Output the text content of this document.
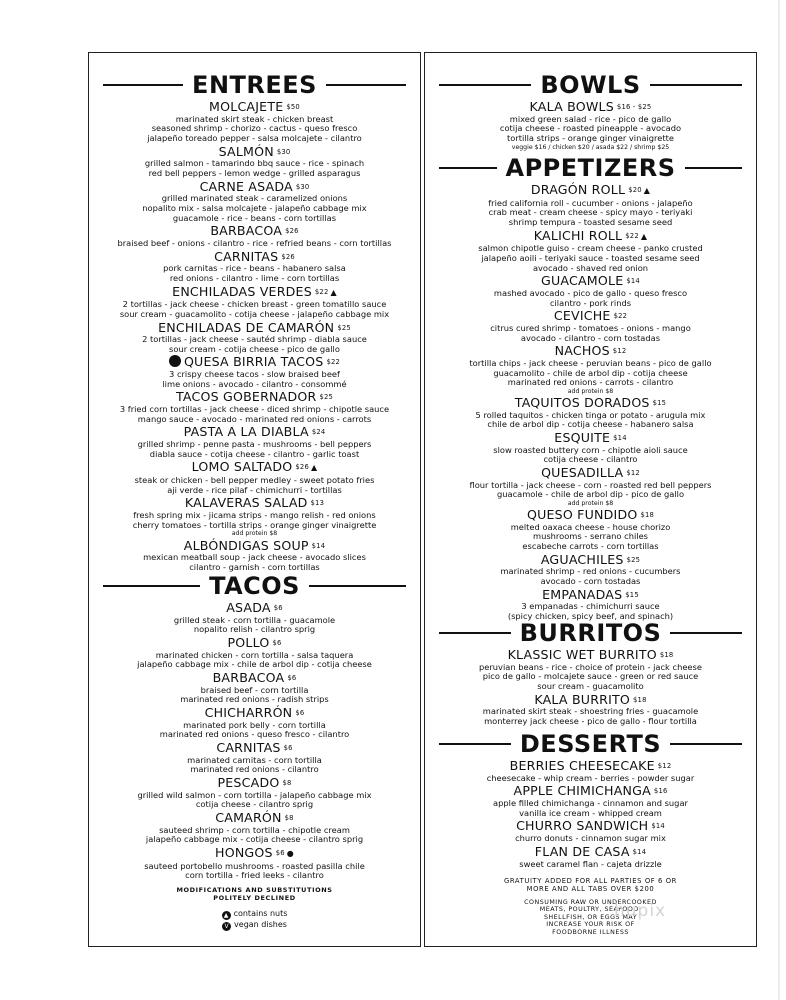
ENTREES
MOLCAJETE $50
marinated skirt steak - chicken breast
seasoned shrimp - chorizo - cactus - queso fresco
jalapeño toreado pepper - salsa molcajete - cilantro
SALMÓN $30
grilled salmon - tamarindo bbq sauce - rice - spinach
red bell peppers - lemon wedge - grilled asparagus
CARNE ASADA $30
grilled marinated steak - caramelized onions
nopalito mix - salsa molcajete - jalapeño cabbage mix
guacamole - rice - beans - corn tortillas
BARBACOA $26
braised beef - onions - cilantro - rice - refried beans - corn tortillas
CARNITAS $26
pork carnitas - rice - beans - habanero salsa
red onions - cilantro - lime - corn tortillas
ENCHILADAS VERDES $22 ▲
2 tortillas - jack cheese - chicken breast - green tomatillo sauce
sour cream - guacamolito - cotija cheese - jalapeño cabbage mix
ENCHILADAS DE CAMARÓN $25
2 tortillas - jack cheese - sautéd shrimp - diabla sauce
sour cream - cotija cheese - pico de gallo
QUESA BIRRIA TACOS $22
3 crispy cheese tacos - slow braised beef
lime onions - avocado - cilantro - consommé
TACOS GOBERNADOR $25
3 fried corn tortillas - jack cheese - diced shrimp - chipotle sauce
mango sauce - avocado - marinated red onions - carrots
PASTA A LA DIABLA $24
grilled shrimp - penne pasta - mushrooms - bell peppers
diabla sauce - cotija cheese - cilantro - garlic toast
LOMO SALTADO $26 ▲
steak or chicken - bell pepper medley - sweet potato fries
aji verde - rice pilaf - chimichurri - tortillas
KALAVERAS SALAD $13
fresh spring mix - jicama strips - mango relish - red onions
cherry tomatoes - tortilla strips - orange ginger vinaigrette
add protein $8
ALBÓNDIGAS SOUP $14
mexican meatball soup - jack cheese - avocado slices
cilantro - garnish - corn tortillas
TACOS
ASADA $6
grilled steak - corn tortilla - guacamole
nopalito relish - cilantro sprig
POLLO $6
marinated chicken - corn tortilla - salsa taquera
jalapeño cabbage mix - chile de arbol dip - cotija cheese
BARBACOA $6
braised beef - corn tortilla
marinated red onions - radish strips
CHICHARRÓN $6
marinated pork belly - corn tortilla
marinated red onions - queso fresco - cilantro
CARNITAS $6
marinated carnitas - corn tortilla
marinated red onions - cilantro
PESCADO $8
grilled wild salmon - corn tortilla - jalapeño cabbage mix
cotija cheese - cilantro sprig
CAMARÓN $8
sauteed shrimp - corn tortilla - chipotle cream
jalapeño cabbage mix - cotija cheese - cilantro sprig
HONGOS $6 ●
sauteed portobello mushrooms - roasted pasilla chile
corn tortilla - fried leeks - cilantro
MODIFICATIONS AND SUBSTITUTIONS
POLITELY DECLINED
▲ contains nuts
V vegan dishes
BOWLS
KALA BOWLS $16 - $25
mixed green salad - rice - pico de gallo
cotija cheese - roasted pineapple - avocado
tortilla strips - orange ginger vinaigrette
veggie $16 / chicken $20 / asada $22 / shrimp $25
APPETIZERS
DRAGÓN ROLL $20 ▲
fried california roll - cucumber - onions - jalapeño
crab meat - cream cheese - spicy mayo - teriyaki
shrimp tempura - toasted sesame seed
KALICHI ROLL $22 ▲
salmon chipotle guiso - cream cheese - panko crusted
jalapeño aoili - teriyaki sauce - toasted sesame seed
avocado - shaved red onion
GUACAMOLE $14
mashed avocado - pico de gallo - queso fresco
cilantro - pork rinds
CEVICHE $22
citrus cured shrimp - tomatoes - onions - mango
avocado - cilantro - corn tostadas
NACHOS $12
tortilla chips - jack cheese - peruvian beans - pico de gallo
guacamolito - chile de arbol dip - cotija cheese
marinated red onions - carrots - cilantro
add protein $8
TAQUITOS DORADOS $15
5 rolled taquitos - chicken tinga or potato - arugula mix
chile de arbol dip - cotija cheese - habanero salsa
ESQUITE $14
slow roasted buttery corn - chipotle aioli sauce
cotija cheese - cilantro
QUESADILLA $12
flour tortilla - jack cheese - corn - roasted red bell peppers
guacamole - chile de arbol dip - pico de gallo
add protein $8
QUESO FUNDIDO $18
melted oaxaca cheese - house chorizo
mushrooms - serrano chiles
escabeche carrots - corn tortillas
AGUACHILES $25
marinated shrimp - red onions - cucumbers
avocado - corn tostadas
EMPANADAS $15
3 empanadas - chimichurri sauce
(spicy chicken, spicy beef, and spinach)
BURRITOS
KLASSIC WET BURRITO $18
peruvian beans - rice - choice of protein - jack cheese
pico de gallo - molcajete sauce - green or red sauce
sour cream - guacamolito
KALA BURRITO $18
marinated skirt steak - shoestring fries - guacamole
monterrey jack cheese - pico de gallo - flour tortilla
DESSERTS
BERRIES CHEESECAKE $12
cheesecake - whip cream - berries - powder sugar
APPLE CHIMICHANGA $16
apple filled chimichanga - cinnamon and sugar
vanilla ice cream - whipped cream
CHURRO SANDWICH $14
churro donuts - cinnamon sugar mix
FLAN DE CASA $14
sweet caramel flan - cajeta drizzle
GRATUITY ADDED FOR ALL PARTIES OF 6 OR
MORE AND ALL TABS OVER $200
CONSUMING RAW OR UNDERCOOKED
MEATS, POULTRY, SEAFOOD,
SHELLFISH, OR EGGS MAY
INCREASE YOUR RISK OF
FOODBORNE ILLNESS
hupix
